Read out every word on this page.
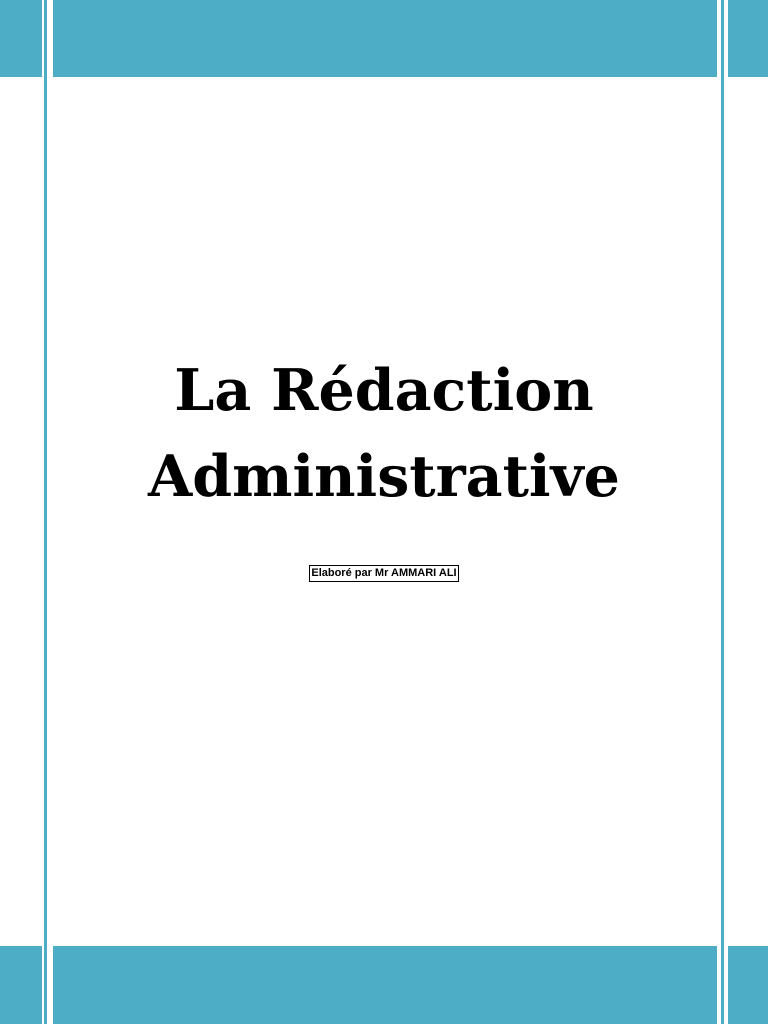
La Rédaction
Administrative
Elaboré par Mr AMMARI ALI
